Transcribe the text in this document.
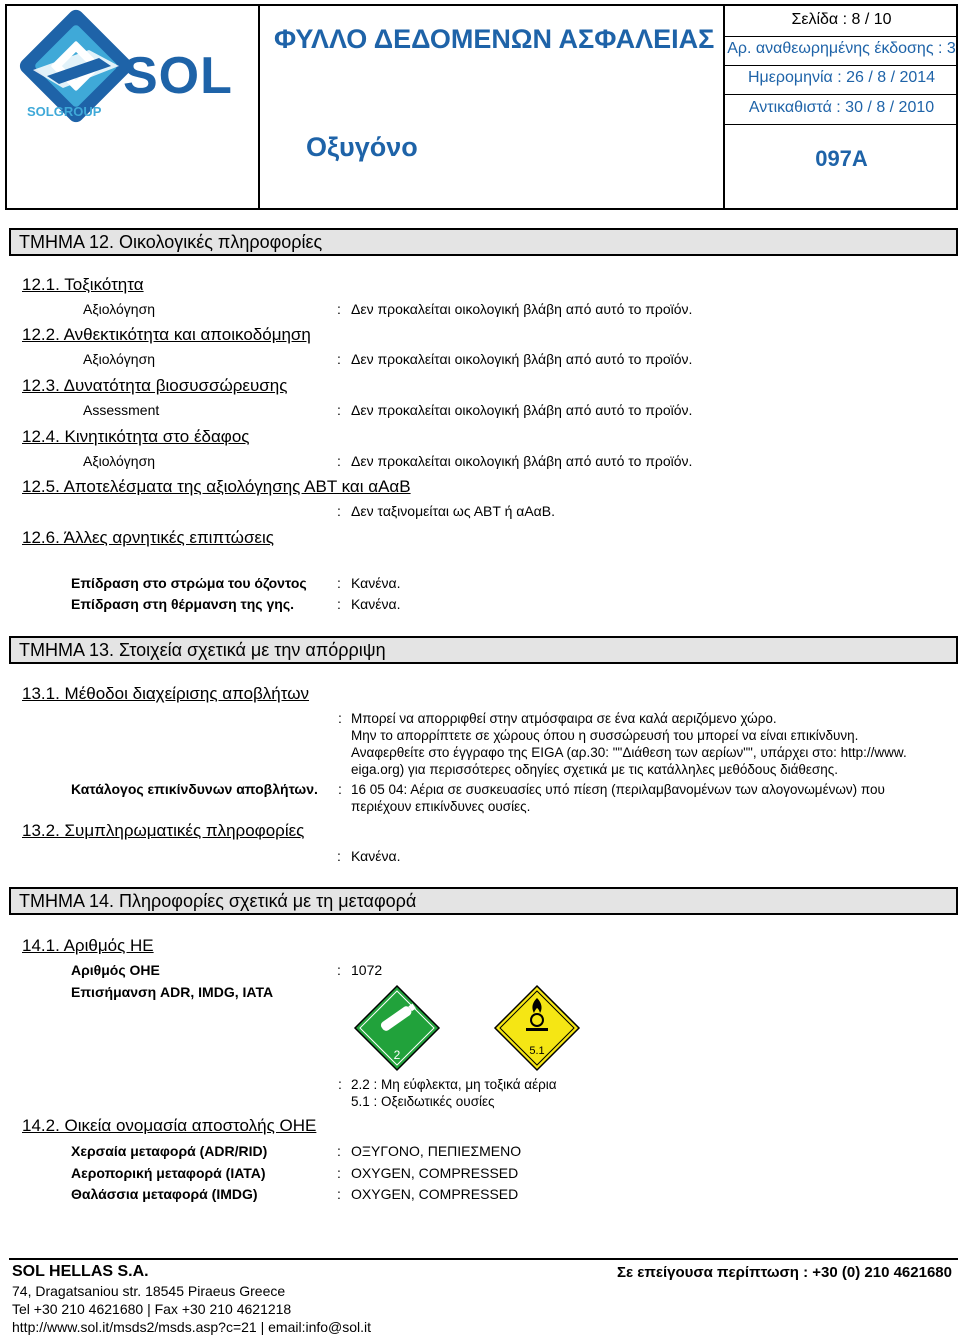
SOL
SOLGROUP
ΦΥΛΛΟ ΔΕΔΟΜΕΝΩΝ ΑΣΦΑΛΕΙΑΣ
Οξυγόνο
Σελίδα : 8 / 10
Αρ. αναθεωρημένης έκδοσης : 3
Ημερομηνία : 26 / 8 / 2014
Αντικαθιστά : 30 / 8 / 2010
097A
ΤΜΗΜΑ 12. Οικολογικές πληροφορίες
12.1. Τοξικότητα
Αξιολόγηση	: Δεν προκαλείται οικολογική βλάβη από αυτό το προϊόν.
12.2. Ανθεκτικότητα και αποικοδόμηση
Αξιολόγηση	: Δεν προκαλείται οικολογική βλάβη από αυτό το προϊόν.
12.3. Δυνατότητα βιοσυσσώρευσης
Assessment	: Δεν προκαλείται οικολογική βλάβη από αυτό το προϊόν.
12.4. Κινητικότητα στο έδαφος
Αξιολόγηση	: Δεν προκαλείται οικολογική βλάβη από αυτό το προϊόν.
12.5. Αποτελέσματα της αξιολόγησης ΑΒΤ και αΑαΒ
: Δεν ταξινομείται ως ΑΒΤ ή αΑαΒ.
12.6. Άλλες αρνητικές επιπτώσεις
Επίδραση στο στρώμα του όζοντος : Κανένα.
Επίδραση στη θέρμανση της γης.	: Κανένα.
ΤΜΗΜΑ 13. Στοιχεία σχετικά με την απόρριψη
13.1. Μέθοδοι διαχείρισης αποβλήτων
: Μπορεί να απορριφθεί στην ατμόσφαιρα σε ένα καλά αεριζόμενο χώρο.
Μην το απορρίπτετε σε χώρους όπου η συσσώρευσή του μπορεί να είναι επικίνδυνη.
Αναφερθείτε στο έγγραφο της EIGA (αρ.30: ""Διάθεση των αερίων"", υπάρχει στο: http://www.
eiga.org) για περισσότερες οδηγίες σχετικά με τις κατάλληλες μεθόδους διάθεσης.
Κατάλογος επικίνδυνων αποβλήτων. : 16 05 04: Αέρια σε συσκευασίες υπό πίεση (περιλαμβανομένων των αλογονωμένων) που
περιέχουν επικίνδυνες ουσίες.
13.2. Συμπληρωματικές πληροφορίες
: Κανένα.
ΤΜΗΜΑ 14. Πληροφορίες σχετικά με τη μεταφορά
14.1. Αριθμός ΗΕ
Αριθμός ΟΗΕ	: 1072
Επισήμανση ADR, IMDG, IATA
2	5.1
: 2.2 : Μη εύφλεκτα, μη τοξικά αέρια
5.1 : Οξειδωτικές ουσίες
14.2. Οικεία ονομασία αποστολής ΟΗΕ
Χερσαία μεταφορά (ADR/RID)	: ΟΞΥΓΟΝΟ, ΠΕΠΙΕΣΜΕΝΟ
Αεροπορική μεταφορά (IATA)	: OXYGEN, COMPRESSED
Θαλάσσια μεταφορά (IMDG)	: OXYGEN, COMPRESSED
SOL HELLAS S.A.	Σε επείγουσα περίπτωση : +30 (0) 210 4621680
74, Dragatsaniou str. 18545 Piraeus Greece
Tel +30 210 4621680 | Fax +30 210 4621218
http://www.sol.it/msds2/msds.asp?c=21 | email:info@sol.it
